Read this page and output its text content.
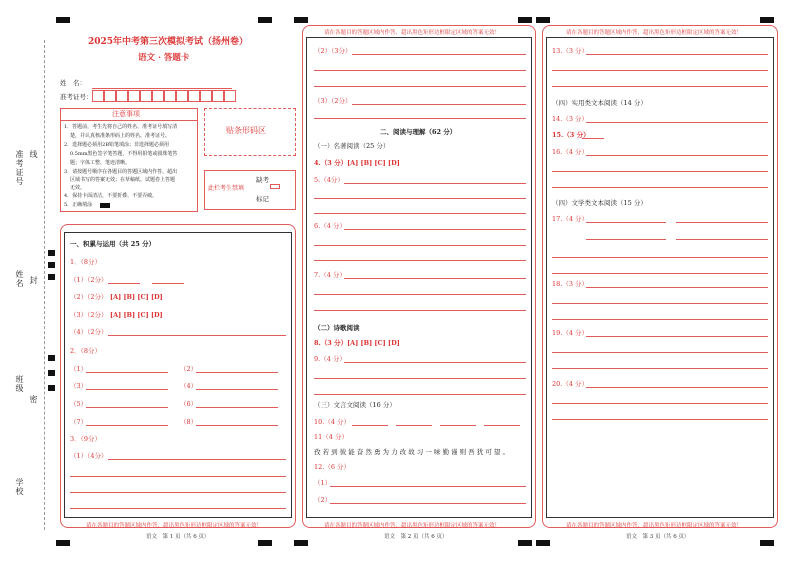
准考证号 线
姓名 封
班级
密
学校
2025年中考第三次模拟考试（扬州卷）
语文 · 答题卡
姓　名：
准考证号：
注意事项
1．答题前，考生先将自己的姓名、准考证号填写清
楚，并认真核准条形码上的姓名、准考证号。
2．选择题必须用2B铅笔填涂；非选择题必须用
0.5mm黑色签字笔答题，不得用铅笔或圆珠笔答
题；字体工整、笔迹清晰。
3．请按题号顺序在各题目的答题区域内作答，超出
区域书写的答案无效；在草稿纸、试题卷上答题
无效。
4．保持卡面清洁，不要折叠、不要弄破。
5．正确填涂
贴条形码区
此栏考生禁填
缺考
标记
一、积累与运用（共 25 分）
1．（8分）
（1）（2分）
（2）（2分） [A] [B] [C] [D]
（3）（2分） [A] [B] [C] [D]
（4）（2分）
2．（8分）
（1）	（2）
（3）	（4）
（5）	（6）
（7）	（8）
3．（9分）
（1）（4分）
请在各题目的答题区域内作答，超出黑色矩形边框限定区域的答案无效！
语文　第 1 页（共 6 页）
请在各题目的答题区域内作答，超出黑色矩形边框限定区域的答案无效！
（2）（3分）
（3）（2分）
二、阅读与理解（62 分）
（一）名著阅读（25 分）
4.（3 分）[A] [B] [C] [D]
5.（4分）
6.（4 分）
7.（4 分）
（二）诗歌阅读
8.（3 分）[A] [B] [C] [D]
9.（4 分）
（三）文言文阅读（16 分）
10.（4 分）
11（4 分）
孜 若 到 彼 能 奋 然 勇 为 力 改 故 习 一 味 勤 谨 则 吾 犹 可 望 。
12.（6 分）
（1）
（2）
请在各题目的答题区域内作答，超出黑色矩形边框限定区域的答案无效！
语文　第 2 页（共 6 页）
请在各题目的答题区域内作答，超出黑色矩形边框限定区域的答案无效！
13.（3 分）
（四）实用类文本阅读（14 分）
14.（3 分）
15.（3 分）
16.（4 分）
（四）文学类文本阅读（15 分）
17.（4 分）
18.（3 分）
19.（4 分）
20.（4 分）
请在各题目的答题区域内作答，超出黑色矩形边框限定区域的答案无效！
语文　第 3 页（共 6 页）
